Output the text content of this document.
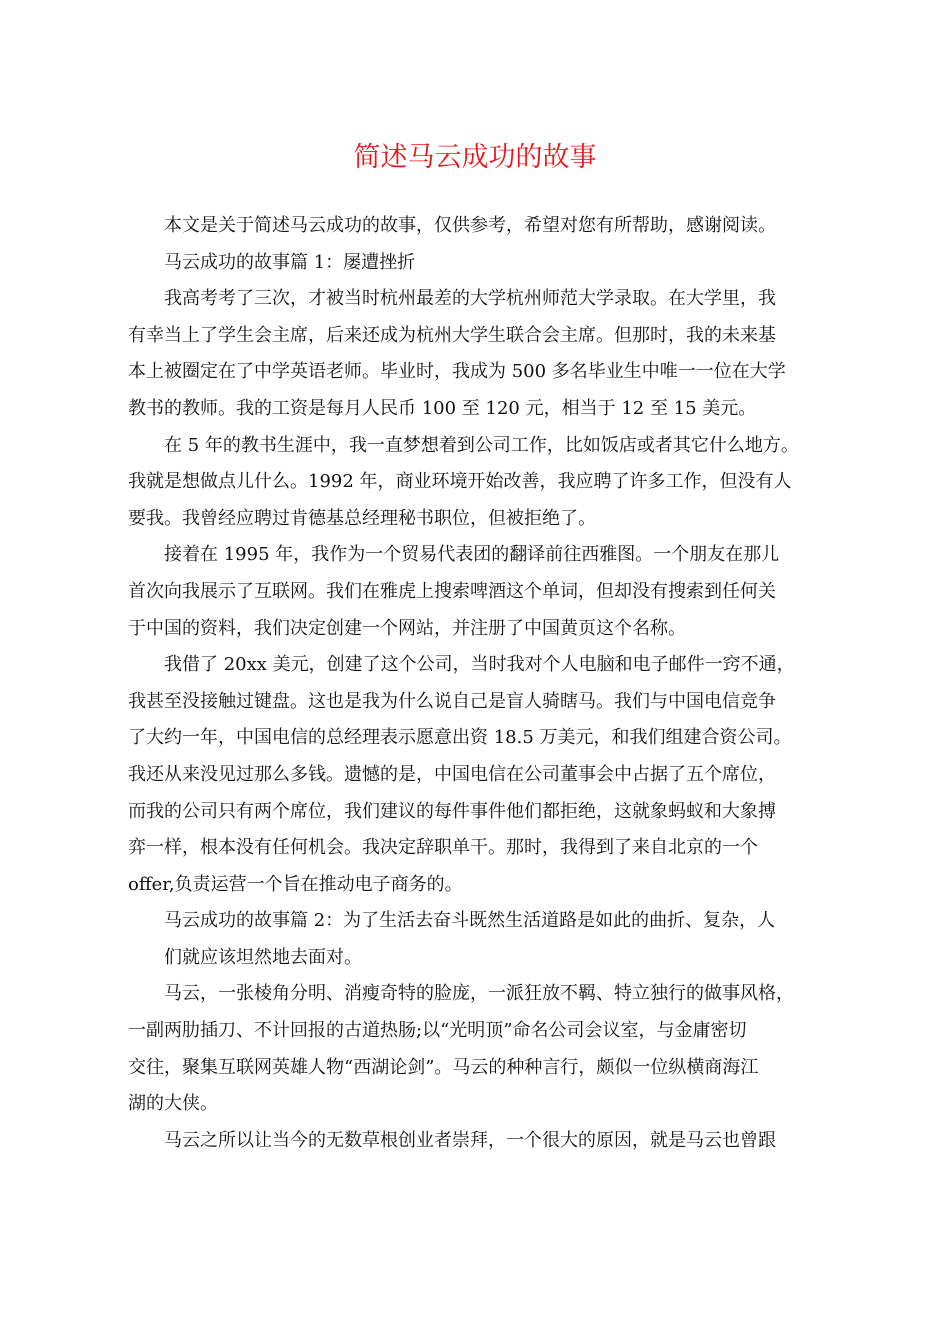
简述马云成功的故事
本文是关于简述马云成功的故事，仅供参考，希望对您有所帮助，感谢阅读。
马云成功的故事篇 1：屡遭挫折
我高考考了三次，才被当时杭州最差的大学杭州师范大学录取。在大学里，我
有幸当上了学生会主席，后来还成为杭州大学生联合会主席。但那时，我的未来基
本上被圈定在了中学英语老师。毕业时，我成为 500 多名毕业生中唯一一位在大学
教书的教师。我的工资是每月人民币 100 至 120 元，相当于 12 至 15 美元。
在 5 年的教书生涯中，我一直梦想着到公司工作，比如饭店或者其它什么地方。
我就是想做点儿什么。1992 年，商业环境开始改善，我应聘了许多工作，但没有人
要我。我曾经应聘过肯德基总经理秘书职位，但被拒绝了。
接着在 1995 年，我作为一个贸易代表团的翻译前往西雅图。一个朋友在那儿
首次向我展示了互联网。我们在雅虎上搜索啤酒这个单词，但却没有搜索到任何关
于中国的资料，我们决定创建一个网站，并注册了中国黄页这个名称。
我借了 20xx 美元，创建了这个公司，当时我对个人电脑和电子邮件一窍不通，
我甚至没接触过键盘。这也是我为什么说自己是盲人骑瞎马。我们与中国电信竞争
了大约一年，中国电信的总经理表示愿意出资 18.5 万美元，和我们组建合资公司。
我还从来没见过那么多钱。遗憾的是，中国电信在公司董事会中占据了五个席位，
而我的公司只有两个席位，我们建议的每件事件他们都拒绝，这就象蚂蚁和大象搏
弈一样，根本没有任何机会。我决定辞职单干。那时，我得到了来自北京的一个
offer,负责运营一个旨在推动电子商务的。
马云成功的故事篇 2：为了生活去奋斗既然生活道路是如此的曲折、复杂，人
们就应该坦然地去面对。
马云，一张棱角分明、消瘦奇特的脸庞，一派狂放不羁、特立独行的做事风格，
一副两肋插刀、不计回报的古道热肠;以“光明顶”命名公司会议室，与金庸密切
交往，聚集互联网英雄人物“西湖论剑”。马云的种种言行，颇似一位纵横商海江
湖的大侠。
马云之所以让当今的无数草根创业者崇拜，一个很大的原因，就是马云也曾跟
